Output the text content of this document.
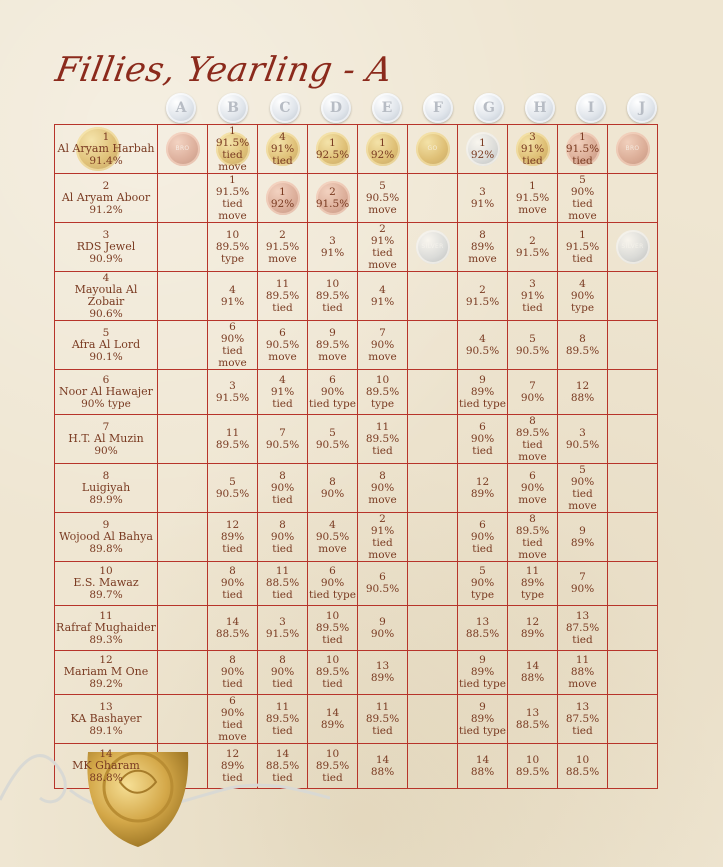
Fillies, Yearling - A
A	B	C	D	E	F	G	H	I	J
1
Al Aryam Harbah
91.4%	BRO	1
91.5%
tied move	4
91%
tied	1
92.5%	1
92%	GO	1
92%	3
91%
tied	1
91.5%
tied	BRO

2
Al Aryam Aboor
91.2%		1
91.5%
tied move	1
92%	2
91.5%	5
90.5%
move		3
91%	1
91.5%
move	5
90%
tied move	

3
RDS Jewel
90.9%		10
89.5%
type	2
91.5%
move	3
91%	2
91%
tied move	SILVER	8
89%
move	2
91.5%	1
91.5%
tied	SILVER

4
Mayoula Al Zobair
90.6%		4
91%	11
89.5%
tied	10
89.5%
tied	4
91%		2
91.5%	3
91%
tied	4
90%
type	

5
Afra Al Lord
90.1%		6
90%
tied move	6
90.5%
move	9
89.5%
move	7
90%
move		4
90.5%	5
90.5%	8
89.5%	

6
Noor Al Hawajer
90% type		3
91.5%	4
91%
tied	6
90%
tied type	10
89.5%
type		9
89%
tied type	7
90%	12
88%	

7
H.T. Al Muzin
90%		11
89.5%	7
90.5%	5
90.5%	11
89.5%
tied		6
90%
tied	8
89.5%
tied move	3
90.5%	

8
Luigiyah
89.9%		5
90.5%	8
90%
tied	8
90%	8
90%
move		12
89%	6
90%
move	5
90%
tied move	

9
Wojood Al Bahya
89.8%		12
89%
tied	8
90%
tied	4
90.5%
move	2
91%
tied move		6
90%
tied	8
89.5%
tied move	9
89%	

10
E.S. Mawaz
89.7%		8
90%
tied	11
88.5%
tied	6
90%
tied type	6
90.5%		5
90%
type	11
89%
type	7
90%	

11
Rafraf Mughaider
89.3%		14
88.5%	3
91.5%	10
89.5%
tied	9
90%		13
88.5%	12
89%	13
87.5%
tied	

12
Mariam M One
89.2%		8
90%
tied	8
90%
tied	10
89.5%
tied	13
89%		9
89%
tied type	14
88%	11
88%
move	

13
KA Bashayer
89.1%		6
90%
tied move	11
89.5%
tied	14
89%	11
89.5%
tied		9
89%
tied type	13
88.5%	13
87.5%
tied	

14
MK Gharam
88.8%		12
89%
tied	14
88.5%
tied	10
89.5%
tied	14
88%		14
88%	10
89.5%	10
88.5%	
